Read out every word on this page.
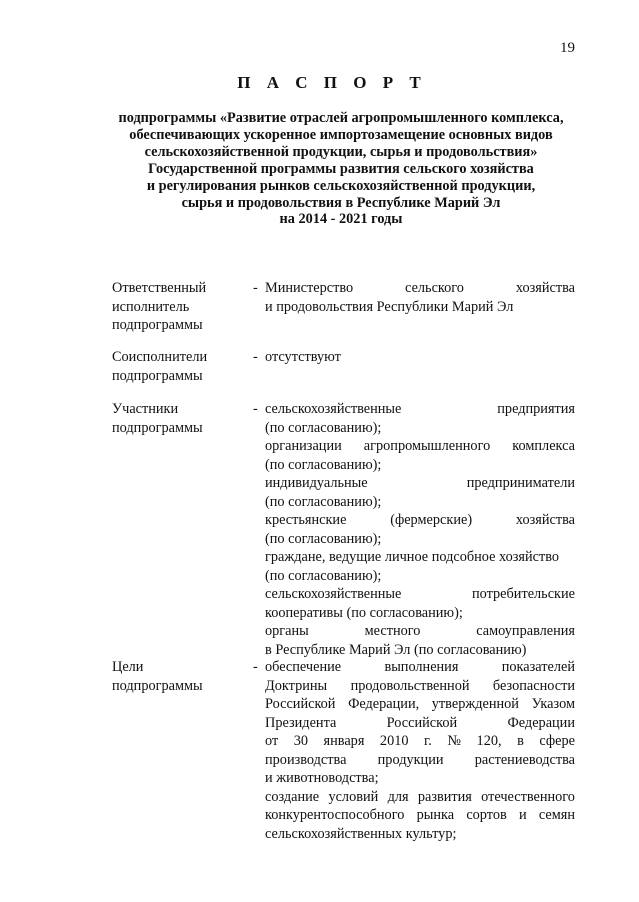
19
П А С П О Р Т
подпрограммы «Развитие отраслей агропромышленного комплекса,
обеспечивающих ускоренное импортозамещение основных видов
сельскохозяйственной продукции, сырья и продовольствия»
Государственной программы развития сельского хозяйства
и регулирования рынков сельскохозяйственной продукции,
сырья и продовольствия в Республике Марий Эл
на 2014 - 2021 годы
Ответственный
исполнитель
подпрограммы
- Министерство	сельского	хозяйства
и продовольствия Республики Марий Эл
Соисполнители
подпрограммы
- отсутствуют
Участники
подпрограммы
- сельскохозяйственные	предприятия
(по согласованию);
организации агропромышленного комплекса
(по согласованию);
индивидуальные	предприниматели
(по согласованию);
крестьянские	(фермерские)	хозяйства
(по согласованию);
граждане, ведущие личное подсобное хозяйство
(по согласованию);
сельскохозяйственные	потребительские
кооперативы (по согласованию);
органы	местного	самоуправления
в Республике Марий Эл (по согласованию)
Цели
подпрограммы
- обеспечение	выполнения	показателей
Доктрины продовольственной безопасности
Российской Федерации, утвержденной Указом
Президента	Российской	Федерации
от 30 января 2010 г. № 120, в сфере
производства продукции растениеводства
и животноводства;
создание условий для развития отечественного
конкурентоспособного рынка сортов и семян
сельскохозяйственных культур;
